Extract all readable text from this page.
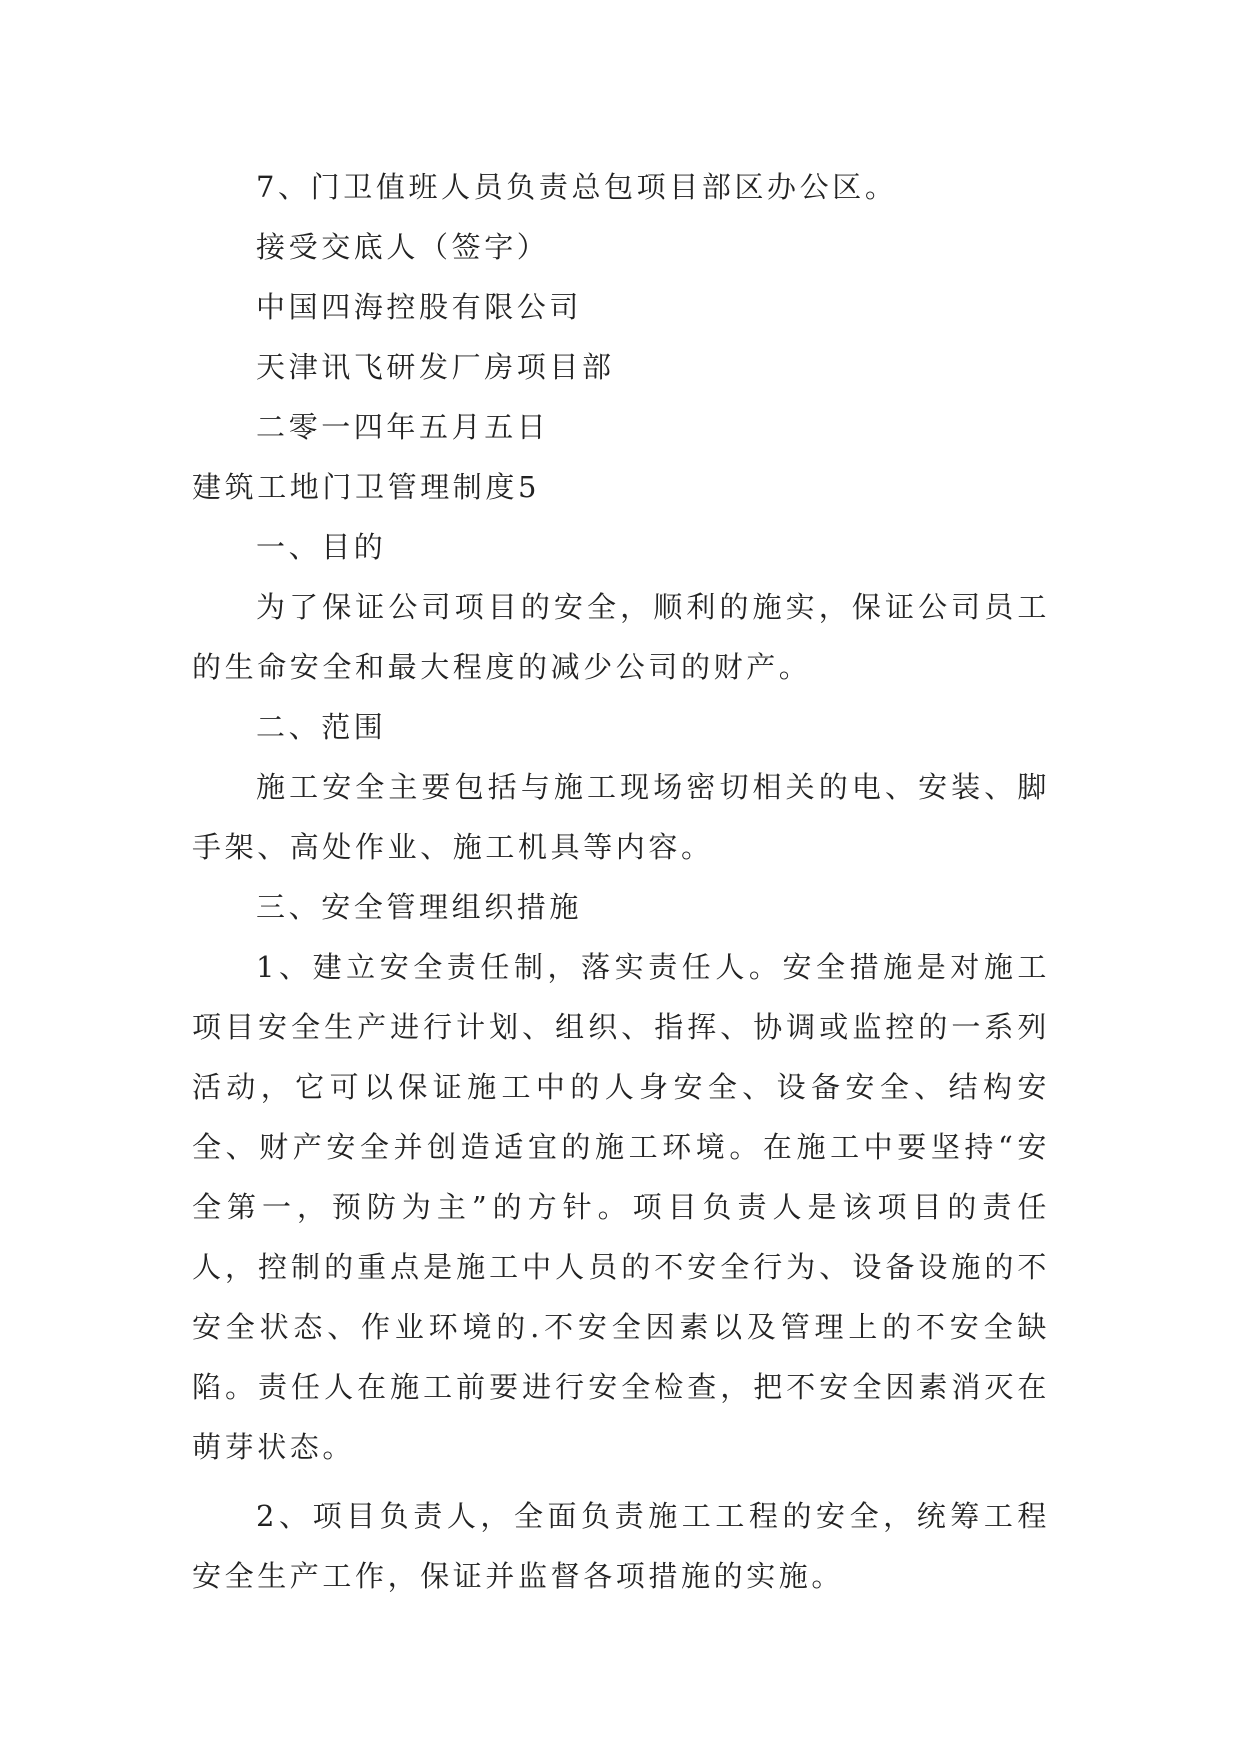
7、门卫值班人员负责总包项目部区办公区。

接受交底人（签字）

中国四海控股有限公司

天津讯飞研发厂房项目部

二零一四年五月五日

建筑工地门卫管理制度5

一、目的

为了保证公司项目的安全，顺利的施实，保证公司员工的生命安全和最大程度的减少公司的财产。

二、范围

施工安全主要包括与施工现场密切相关的电、安装、脚手架、高处作业、施工机具等内容。

三、安全管理组织措施

1、建立安全责任制，落实责任人。安全措施是对施工项目安全生产进行计划、组织、指挥、协调或监控的一系列活动，它可以保证施工中的人身安全、设备安全、结构安全、财产安全并创造适宜的施工环境。在施工中要坚持“安全第一，预防为主”的方针。项目负责人是该项目的责任人，控制的重点是施工中人员的不安全行为、设备设施的不安全状态、作业环境的.不安全因素以及管理上的不安全缺陷。责任人在施工前要进行安全检查，把不安全因素消灭在萌芽状态。

2、项目负责人，全面负责施工工程的安全，统筹工程安全生产工作，保证并监督各项措施的实施。
